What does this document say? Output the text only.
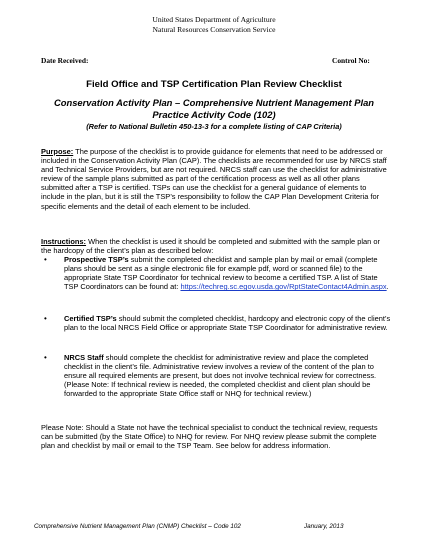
United States Department of Agriculture
Natural Resources Conservation Service
Date Received:	Control No:
Field Office and TSP Certification Plan Review Checklist
Conservation Activity Plan – Comprehensive Nutrient Management Plan
Practice Activity Code (102)
(Refer to National Bulletin 450-13-3 for a complete listing of CAP Criteria)
Purpose: The purpose of the checklist is to provide guidance for elements that need to be addressed or included in the Conservation Activity Plan (CAP). The checklists are recommended for use by NRCS staff and Technical Service Providers, but are not required. NRCS staff can use the checklist for administrative review of the sample plans submitted as part of the certification process as well as all other plans submitted after a TSP is certified. TSPs can use the checklist for a general guidance of elements to include in the plan, but it is still the TSP’s responsibility to follow the CAP Plan Development Criteria for specific elements and the detail of each element to be included.
Instructions: When the checklist is used it should be completed and submitted with the sample plan or the hardcopy of the client’s plan as described below:
•	Prospective TSP’s submit the completed checklist and sample plan by mail or email (complete plans should be sent as a single electronic file for example pdf, word or scanned file) to the appropriate State TSP Coordinator for technical review to become a certified TSP. A list of State TSP Coordinators can be found at: https://techreg.sc.egov.usda.gov/RptStateContact4Admin.aspx.
•	Certified TSP’s should submit the completed checklist, hardcopy and electronic copy of the client’s plan to the local NRCS Field Office or appropriate State TSP Coordinator for administrative review.
•	NRCS Staff should complete the checklist for administrative review and place the completed checklist in the client’s file. Administrative review involves a review of the content of the plan to ensure all required elements are present, but does not involve technical review for correctness. (Please Note: If technical review is needed, the completed checklist and client plan should be forwarded to the appropriate State Office staff or NHQ for technical review.)
Please Note: Should a State not have the technical specialist to conduct the technical review, requests can be submitted (by the State Office) to NHQ for review. For NHQ review please submit the complete plan and checklist by mail or email to the TSP Team. See below for address information.
Comprehensive Nutrient Management Plan (CNMP) Checklist – Code 102	January, 2013
